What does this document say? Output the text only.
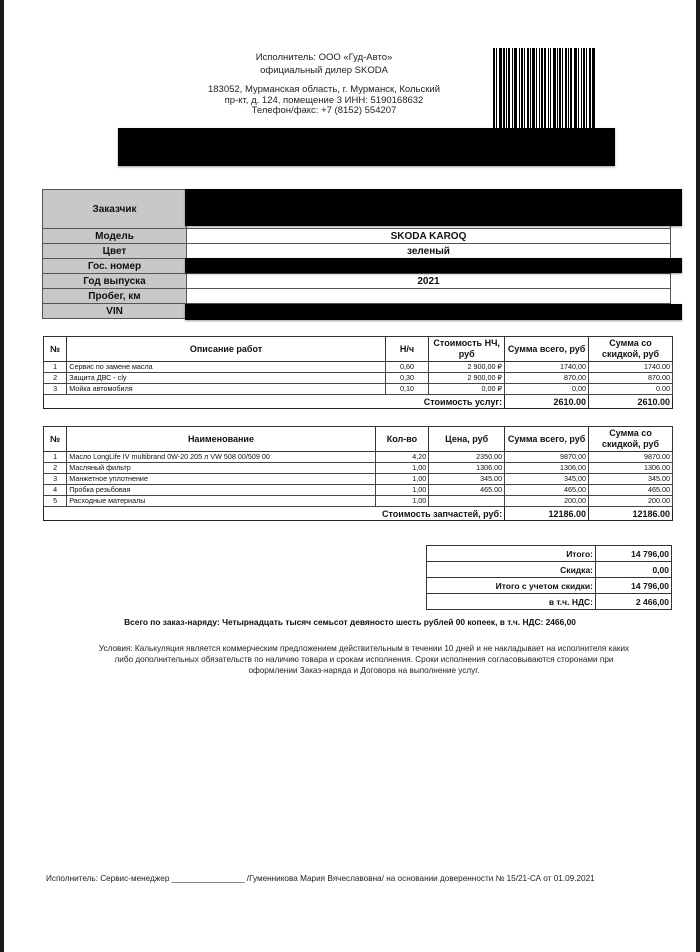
Исполнитель: ООО «Гуд-Авто»
официальный дилер SKODA
183052, Мурманская область, г. Мурманск, Кольский
пр-кт, д. 124, помещение 3 ИНН: 5190168632
Телефон/факс: +7 (8152) 554207
Заказчик	
Модель	SKODA KAROQ
Цвет	зеленый
Гос. номер	
Год выпуска	2021
Пробег, км	
VIN	
№	Описание работ	Н/ч	Стоимость НЧ, руб	Сумма всего, руб	Сумма со скидкой, руб
1	Сервис по замене масла	0,60	2 900,00 ₽	1740,00	1740.00
2	Защита ДВС - cly	0,30	2 900,00 ₽	870,00	870.00
3	Мойка автомобиля	0,10	0,00 ₽	0,00	0.00
Стоимость услуг:				2610.00	2610.00
№	Наименование	Кол-во	Цена, руб	Сумма всего, руб	Сумма со скидкой, руб
1	Масло LongLife IV multibrand 0W-20 205 л VW 508 00/509 00	4,20	2350.00	9870,00	9870.00
2	Масляный фильтр	1,00	1306.00	1306,00	1306.00
3	Манжетное уплотнение	1,00	345.00	345,00	345.00
4	Пробка резьбовая	1,00	465.00	465,00	465.00
5	Расходные материалы	1,00		200,00	200.00
Стоимость запчастей, руб:				12186.00	12186.00
Итого:	14 796,00
Скидка:	0,00
Итого с учетом скидки:	14 796,00
в т.ч. НДС:	2 466,00
Всего по заказ-наряду: Четырнадцать тысяч семьсот девяносто шесть рублей 00 копеек, в т.ч. НДС: 2466,00
Условия: Калькуляция является коммерческим предложением действительным в течении 10 дней и не накладывает на исполнителя каких
либо дополнительных обязательств по наличию товара и срокам исполнения. Сроки исполнения согласовываются сторонами при
оформлении Заказ-наряда и Договора на выполнение услуг.
Исполнитель: Сервис-менеджер ________________ /Гуменникова Мария Вячеславовна/ на основании доверенности № 15/21-СА от 01.09.2021
